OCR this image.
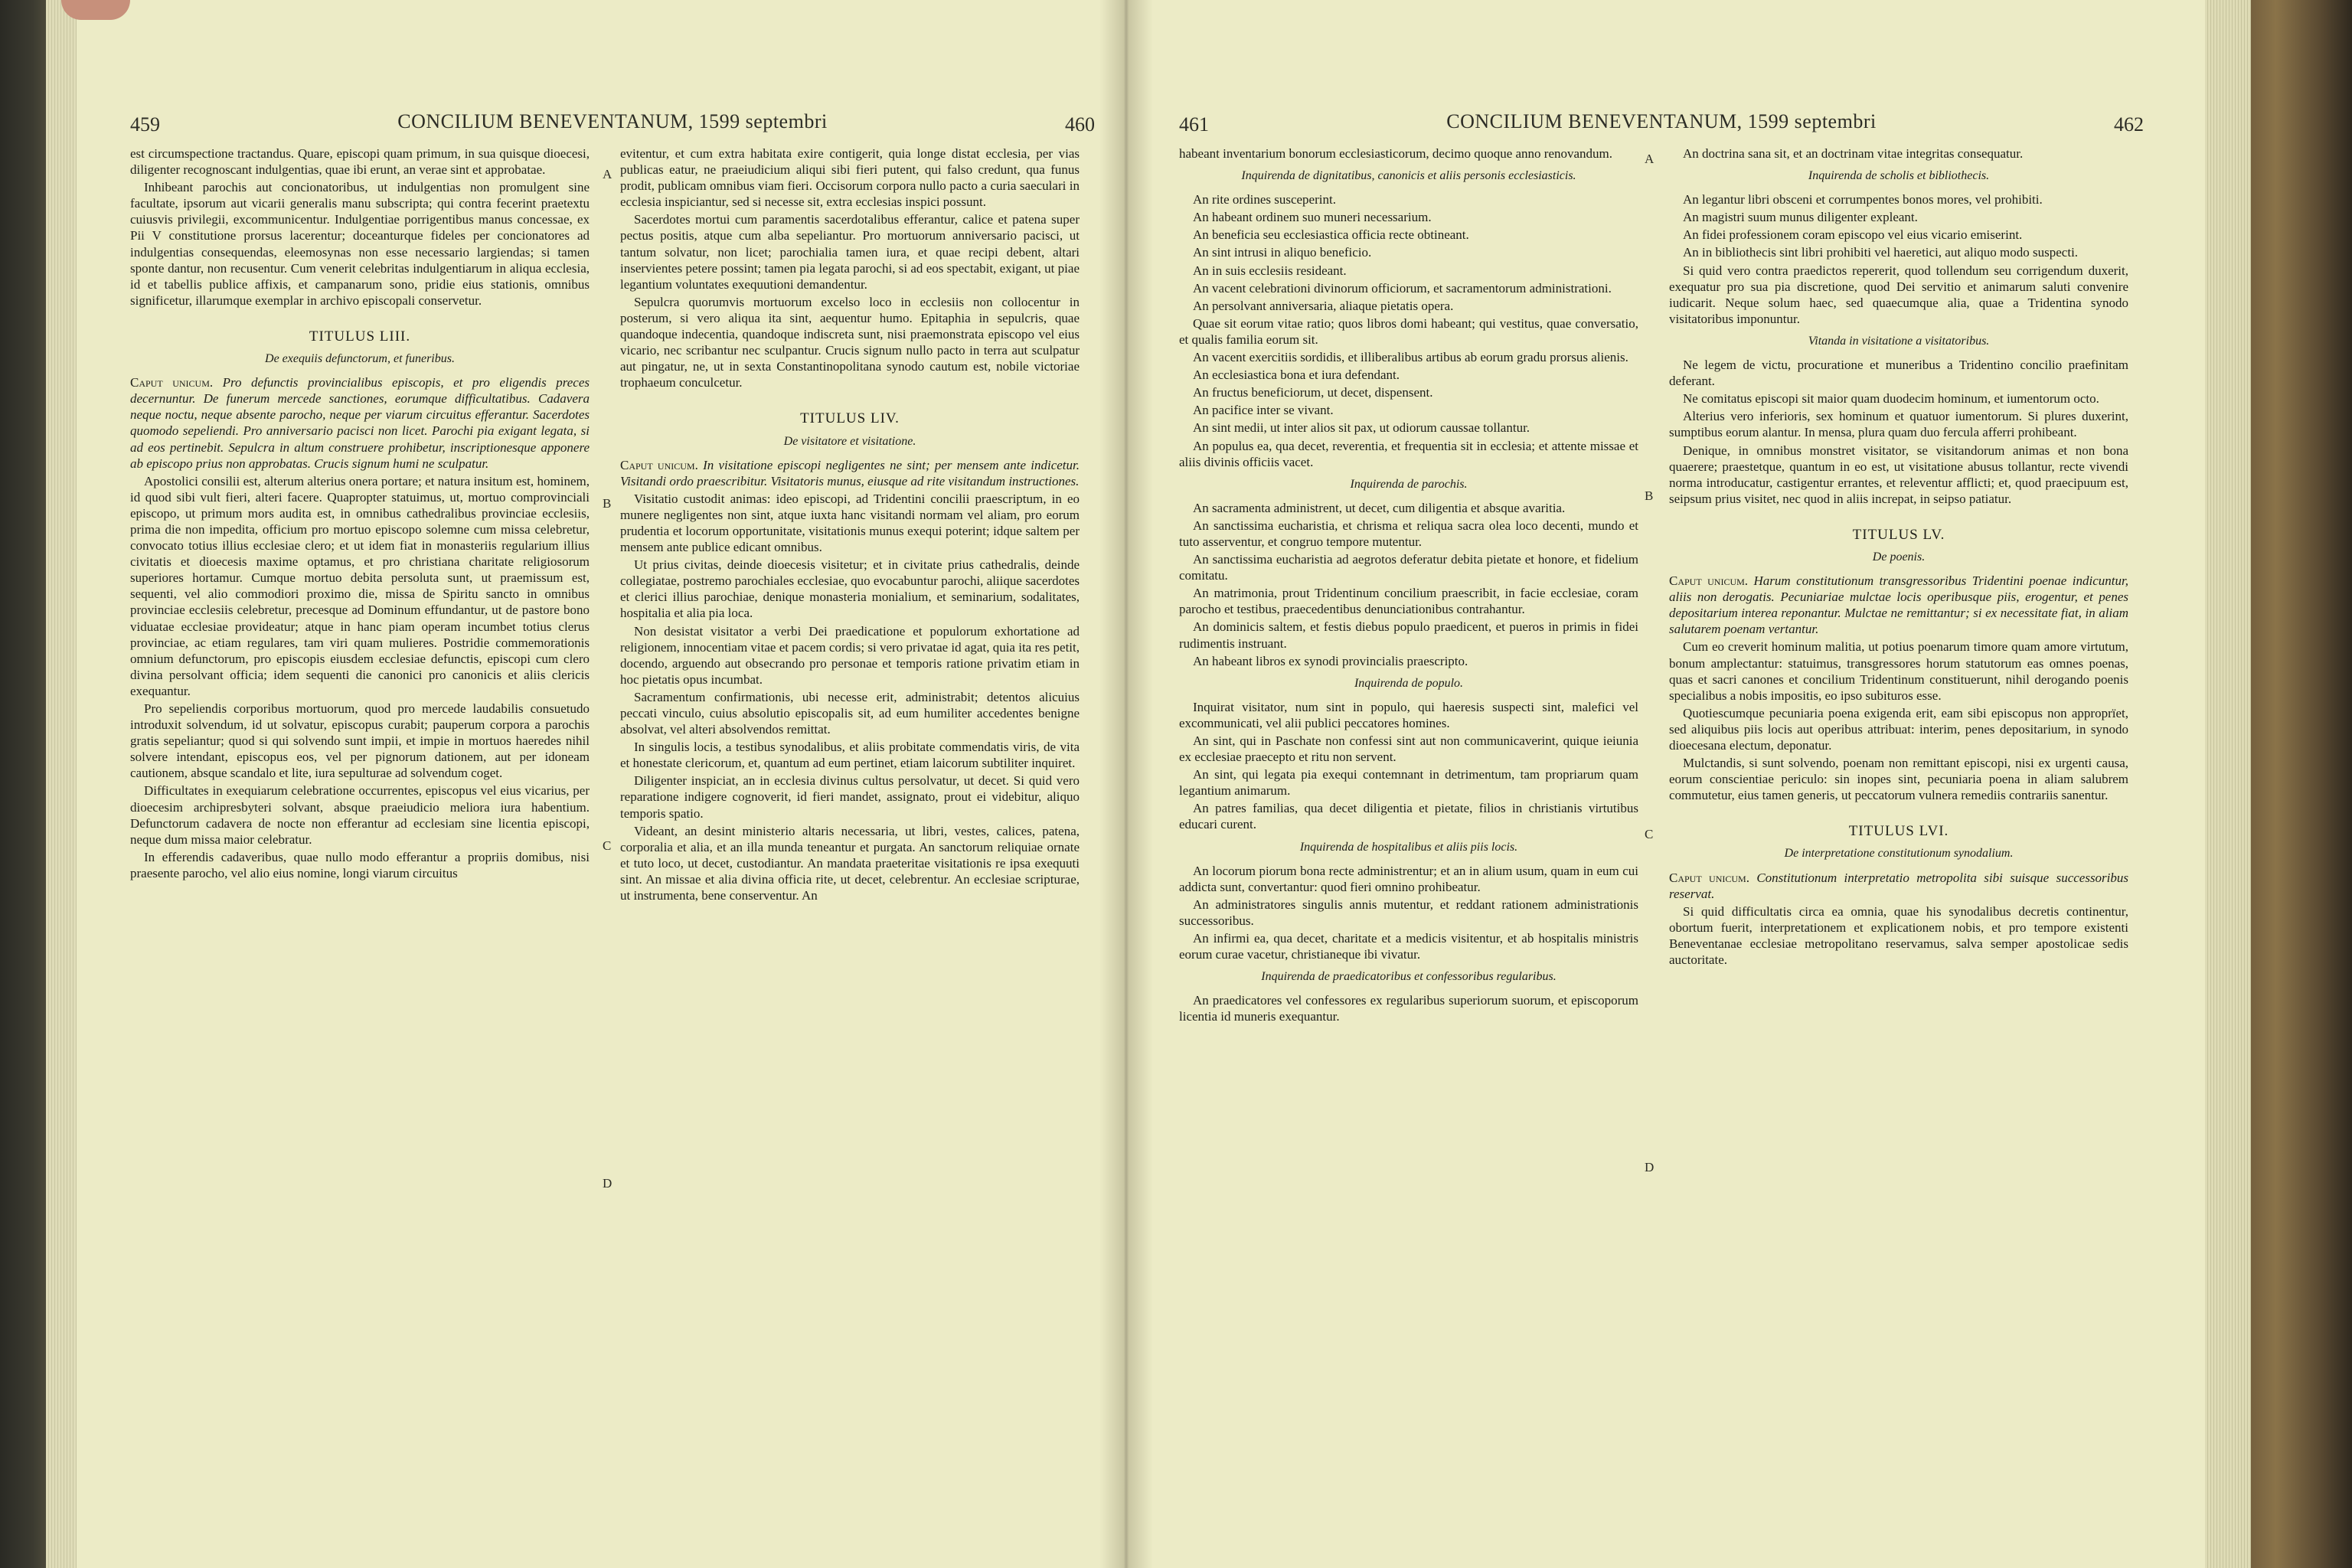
459	CONCILIUM BENEVENTANUM, 1599 septembri	460

est circumspectione tractandus. Quare, episcopi quam primum, in sua quisque dioecesi, diligenter recognoscant indulgentias, quae ibi erunt, an verae sint et approbatae.

Inhibeant parochis aut concionatoribus, ut indulgentias non promulgent sine facultate, ipsorum aut vicarii generalis manu subscripta; qui contra fecerint praetextu cuiusvis privilegii, excommunicentur. Indulgentiae porrigentibus manus concessae, ex Pii V constitutione prorsus lacerentur; doceanturque fideles per concionatores ad indulgentias consequendas, eleemosynas non esse necessario largiendas; si tamen sponte dantur, non recusentur. Cum venerit celebritas indulgentiarum in aliqua ecclesia, id et tabellis publice affixis, et campanarum sono, pridie eius stationis, omnibus significetur, illarumque exemplar in archivo episcopali conservetur.

TITULUS LIII.
De exequiis defunctorum, et funeribus.

Caput unicum. Pro defunctis provincialibus episcopis, et pro eligendis preces decernuntur. De funerum mercede sanctiones, eorumque difficultatibus. Cadavera neque noctu, neque absente parocho, neque per viarum circuitus efferantur. Sacerdotes quomodo sepeliendi. Pro anniversario pacisci non licet. Parochi pia exigant legata, si ad eos pertinebit. Sepulcra in altum construere prohibetur, inscriptionesque apponere ab episcopo prius non approbatas. Crucis signum humi ne sculpatur.

Apostolici consilii est, alterum alterius onera portare; et natura insitum est, hominem, id quod sibi vult fieri, alteri facere. Quapropter statuimus, ut, mortuo comprovinciali episcopo, ut primum mors audita est, in omnibus cathedralibus provinciae ecclesiis, prima die non impedita, officium pro mortuo episcopo solemne cum missa celebretur, convocato totius illius ecclesiae clero; et ut idem fiat in monasteriis regularium illius civitatis et dioecesis maxime optamus, et pro christiana charitate religiosorum superiores hortamur. Cumque mortuo debita persoluta sunt, ut praemissum est, sequenti, vel alio commodiori proximo die, missa de Spiritu sancto in omnibus provinciae ecclesiis celebretur, precesque ad Dominum effundantur, ut de pastore bono viduatae ecclesiae provideatur; atque in hanc piam operam incumbet totius clerus provinciae, ac etiam regulares, tam viri quam mulieres. Postridie commemorationis omnium defunctorum, pro episcopis eiusdem ecclesiae defunctis, episcopi cum clero divina persolvant officia; idem sequenti die canonici pro canonicis et aliis clericis exequantur.

Pro sepeliendis corporibus mortuorum, quod pro mercede laudabilis consuetudo introduxit solvendum, id ut solvatur, episcopus curabit; pauperum corpora a parochis gratis sepeliantur; quod si qui solvendo sunt impii, et impie in mortuos haeredes nihil solvere intendant, episcopus eos, vel per pignorum dationem, aut per idoneam cautionem, absque scandalo et lite, iura sepulturae ad solvendum coget.

Difficultates in exequiarum celebratione occurrentes, episcopus vel eius vicarius, per dioecesim archipresbyteri solvant, absque praeiudicio meliora iura habentium. Defunctorum cadavera de nocte non efferantur ad ecclesiam sine licentia episcopi, neque dum missa maior celebratur.

In efferendis cadaveribus, quae nullo modo efferantur a propriis domibus, nisi praesente parocho, vel alio eius nomine, longi viarum circuitus

evitentur, et cum extra habitata exire contigerit, quia longe distat ecclesia, per vias publicas eatur, ne praeiudicium aliqui sibi fieri putent, qui falso credunt, qua funus prodit, publicam omnibus viam fieri. Occisorum corpora nullo pacto a curia saeculari in ecclesia inspiciantur, sed si necesse sit, extra ecclesias inspici possunt.

Sacerdotes mortui cum paramentis sacerdotalibus efferantur, calice et patena super pectus positis, atque cum alba sepeliantur. Pro mortuorum anniversario pacisci, ut tantum solvatur, non licet; parochialia tamen iura, et quae recipi debent, altari inservientes petere possint; tamen pia legata parochi, si ad eos spectabit, exigant, ut piae legantium voluntates exequutioni demandentur.

Sepulcra quorumvis mortuorum excelso loco in ecclesiis non collocentur in posterum, si vero aliqua ita sint, aequentur humo. Epitaphia in sepulcris, quae quandoque indecentia, quandoque indiscreta sunt, nisi praemonstrata episcopo vel eius vicario, nec scribantur nec sculpantur. Crucis signum nullo pacto in terra aut sculpatur aut pingatur, ne, ut in sexta Constantinopolitana synodo cautum est, nobile victoriae trophaeum conculcetur.

TITULUS LIV.
De visitatore et visitatione.

Caput unicum. In visitatione episcopi negligentes ne sint; per mensem ante indicetur. Visitandi ordo praescribitur. Visitatoris munus, eiusque ad rite visitandum instructiones.

Visitatio custodit animas: ideo episcopi, ad Tridentini concilii praescriptum, in eo munere negligentes non sint, atque iuxta hanc visitandi normam vel aliam, pro eorum prudentia et locorum opportunitate, visitationis munus exequi poterint; idque saltem per mensem ante publice edicant omnibus.

Ut prius civitas, deinde dioecesis visitetur; et in civitate prius cathedralis, deinde collegiatae, postremo parochiales ecclesiae, quo evocabuntur parochi, aliique sacerdotes et clerici illius parochiae, denique monasteria monialium, et seminarium, sodalitates, hospitalia et alia pia loca.

Non desistat visitator a verbi Dei praedicatione et populorum exhortatione ad religionem, innocentiam vitae et pacem cordis; si vero privatae id agat, quia ita res petit, docendo, arguendo aut obsecrando pro personae et temporis ratione privatim etiam in hoc pietatis opus incumbat.

Sacramentum confirmationis, ubi necesse erit, administrabit; detentos alicuius peccati vinculo, cuius absolutio episcopalis sit, ad eum humiliter accedentes benigne absolvat, vel alteri absolvendos remittat.

In singulis locis, a testibus synodalibus, et aliis probitate commendatis viris, de vita et honestate clericorum, et, quantum ad eum pertinet, etiam laicorum subtiliter inquiret.

Diligenter inspiciat, an in ecclesia divinus cultus persolvatur, ut decet. Si quid vero reparatione indigere cognoverit, id fieri mandet, assignato, prout ei videbitur, aliquo temporis spatio.

Videant, an desint ministerio altaris necessaria, ut libri, vestes, calices, patena, corporalia et alia, et an illa munda teneantur et purgata. An sanctorum reliquiae ornate et tuto loco, ut decet, custodiantur. An mandata praeteritae visitationis re ipsa exequuti sint. An missae et alia divina officia rite, ut decet, celebrentur. An ecclesiae scripturae, ut instrumenta, bene conserventur. An

A
B
C
D
461	CONCILIUM BENEVENTANUM, 1599 septembri	462

habeant inventarium bonorum ecclesiasticorum, decimo quoque anno renovandum.

Inquirenda de dignitatibus, canonicis et aliis personis ecclesiasticis.

An rite ordines susceperint.

An habeant ordinem suo muneri necessarium.

An beneficia seu ecclesiastica officia recte obtineant.

An sint intrusi in aliquo beneficio.

An in suis ecclesiis resideant.

An vacent celebrationi divinorum officiorum, et sacramentorum administrationi.

An persolvant anniversaria, aliaque pietatis opera.

Quae sit eorum vitae ratio; quos libros domi habeant; qui vestitus, quae conversatio, et qualis familia eorum sit.

An vacent exercitiis sordidis, et illiberalibus artibus ab eorum gradu prorsus alienis.

An ecclesiastica bona et iura defendant.

An fructus beneficiorum, ut decet, dispensent.

An pacifice inter se vivant.

An sint medii, ut inter alios sit pax, ut odiorum caussae tollantur.

An populus ea, qua decet, reverentia, et frequentia sit in ecclesia; et attente missae et aliis divinis officiis vacet.

Inquirenda de parochis.

An sacramenta administrent, ut decet, cum diligentia et absque avaritia.

An sanctissima eucharistia, et chrisma et reliqua sacra olea loco decenti, mundo et tuto asserventur, et congruo tempore mutentur.

An sanctissima eucharistia ad aegrotos deferatur debita pietate et honore, et fidelium comitatu.

An matrimonia, prout Tridentinum concilium praescribit, in facie ecclesiae, coram parocho et testibus, praecedentibus denunciationibus contrahantur.

An dominicis saltem, et festis diebus populo praedicent, et pueros in primis in fidei rudimentis instruant.

An habeant libros ex synodi provincialis praescripto.

Inquirenda de populo.

Inquirat visitator, num sint in populo, qui haeresis suspecti sint, malefici vel excommunicati, vel alii publici peccatores homines.

An sint, qui in Paschate non confessi sint aut non communicaverint, quique ieiunia ex ecclesiae praecepto et ritu non servent.

An sint, qui legata pia exequi contemnant in detrimentum, tam propriarum quam legantium animarum.

An patres familias, qua decet diligentia et pietate, filios in christianis virtutibus educari curent.

Inquirenda de hospitalibus et aliis piis locis.

An locorum piorum bona recte administrentur; et an in alium usum, quam in eum cui addicta sunt, convertantur: quod fieri omnino prohibeatur.

An administratores singulis annis mutentur, et reddant rationem administrationis successoribus.

An infirmi ea, qua decet, charitate et a medicis visitentur, et ab hospitalis ministris eorum curae vacetur, christianeque ibi vivatur.

Inquirenda de praedicatoribus et confessoribus regularibus.

An praedicatores vel confessores ex regularibus superiorum suorum, et episcoporum licentia id muneris exequantur.

An doctrina sana sit, et an doctrinam vitae integritas consequatur.

Inquirenda de scholis et bibliothecis.

An legantur libri obsceni et corrumpentes bonos mores, vel prohibiti.

An magistri suum munus diligenter expleant.

An fidei professionem coram episcopo vel eius vicario emiserint.

An in bibliothecis sint libri prohibiti vel haeretici, aut aliquo modo suspecti.

Si quid vero contra praedictos repererit, quod tollendum seu corrigendum duxerit, exequatur pro sua pia discretione, quod Dei servitio et animarum saluti convenire iudicarit. Neque solum haec, sed quaecumque alia, quae a Tridentina synodo visitatoribus imponuntur.

Vitanda in visitatione a visitatoribus.

Ne legem de victu, procuratione et muneribus a Tridentino concilio praefinitam deferant.

Ne comitatus episcopi sit maior quam duodecim hominum, et iumentorum octo.

Alterius vero inferioris, sex hominum et quatuor iumentorum. Si plures duxerint, sumptibus eorum alantur. In mensa, plura quam duo fercula afferri prohibeant.

Denique, in omnibus monstret visitator, se visitandorum animas et non bona quaerere; praestetque, quantum in eo est, ut visitatione abusus tollantur, recte vivendi norma introducatur, castigentur errantes, et releventur afflicti; et, quod praecipuum est, seipsum prius visitet, nec quod in aliis increpat, in seipso patiatur.

TITULUS LV.
De poenis.

Caput unicum. Harum constitutionum transgressoribus Tridentini poenae indicuntur, aliis non derogatis. Pecuniariae mulctae locis operibusque piis, erogentur, et penes depositarium interea reponantur. Mulctae ne remittantur; si ex necessitate fiat, in aliam salutarem poenam vertantur.

Cum eo creverit hominum malitia, ut potius poenarum timore quam amore virtutum, bonum amplectantur: statuimus, transgressores horum statutorum eas omnes poenas, quas et sacri canones et concilium Tridentinum constituerunt, nihil derogando poenis specialibus a nobis impositis, eo ipso subituros esse.

Quotiescumque pecuniaria poena exigenda erit, eam sibi episcopus non approprïet, sed aliquibus piis locis aut operibus attribuat: interim, penes depositarium, in synodo dioecesana electum, deponatur.

Mulctandis, si sunt solvendo, poenam non remittant episcopi, nisi ex urgenti causa, eorum conscientiae periculo: sin inopes sint, pecuniaria poena in aliam salubrem commutetur, eius tamen generis, ut peccatorum vulnera remediis contrariis sanentur.

TITULUS LVI.
De interpretatione constitutionum synodalium.

Caput unicum. Constitutionum interpretatio metropolita sibi suisque successoribus reservat.

Si quid difficultatis circa ea omnia, quae his synodalibus decretis continentur, obortum fuerit, interpretationem et explicationem nobis, et pro tempore existenti Beneventanae ecclesiae metropolitano reservamus, salva semper apostolicae sedis auctoritate.

A
B
C
D
